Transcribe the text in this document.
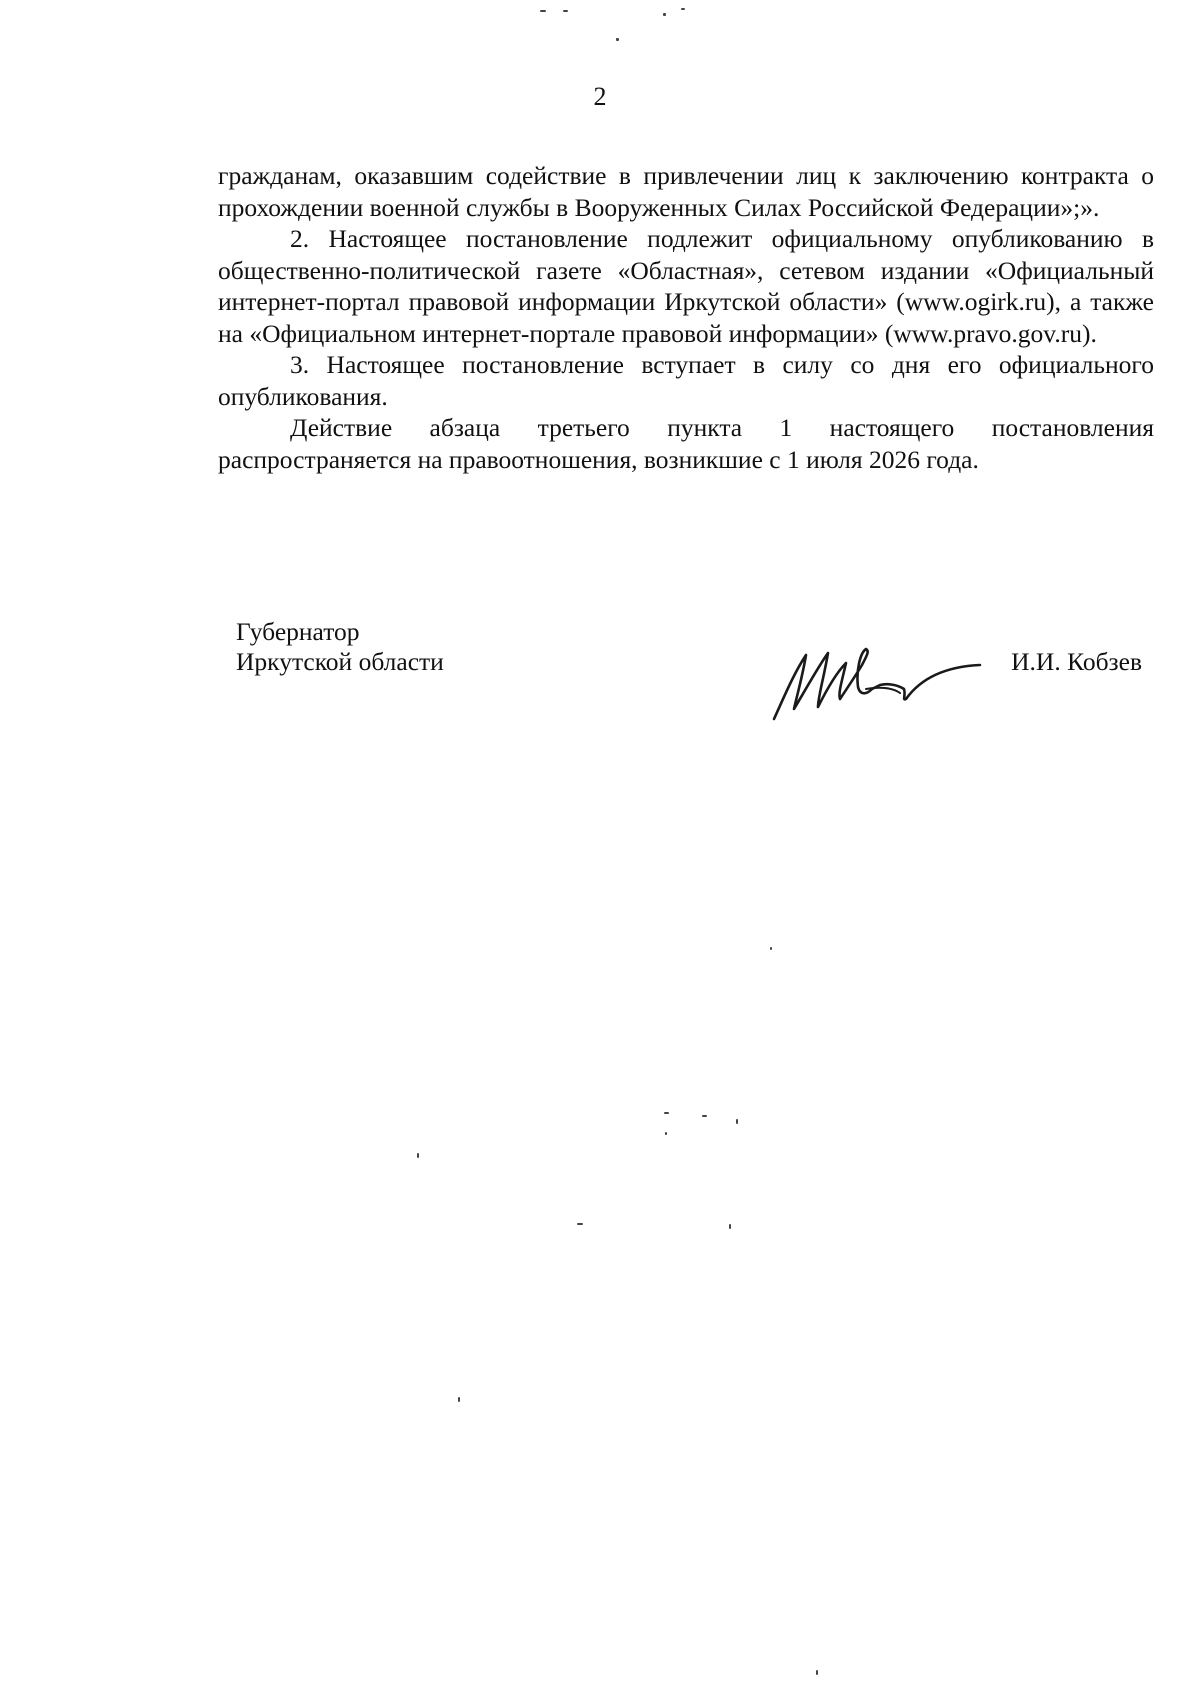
2

гражданам, оказавшим содействие в привлечении лиц к заключению контракта о прохождении военной службы в Вооруженных Силах Российской Федерации»;».

2. Настоящее постановление подлежит официальному опубликованию в общественно-политической газете «Областная», сетевом издании «Официальный интернет-портал правовой информации Иркутской области» (www.ogirk.ru), а также на «Официальном интернет-портале правовой информации» (www.pravo.gov.ru).

3. Настоящее постановление вступает в силу со дня его официального опубликования.

Действие абзаца третьего пункта 1 настоящего постановления распространяется на правоотношения, возникшие с 1 июля 2026 года.

Губернатор
Иркутской области	И.И. Кобзев
